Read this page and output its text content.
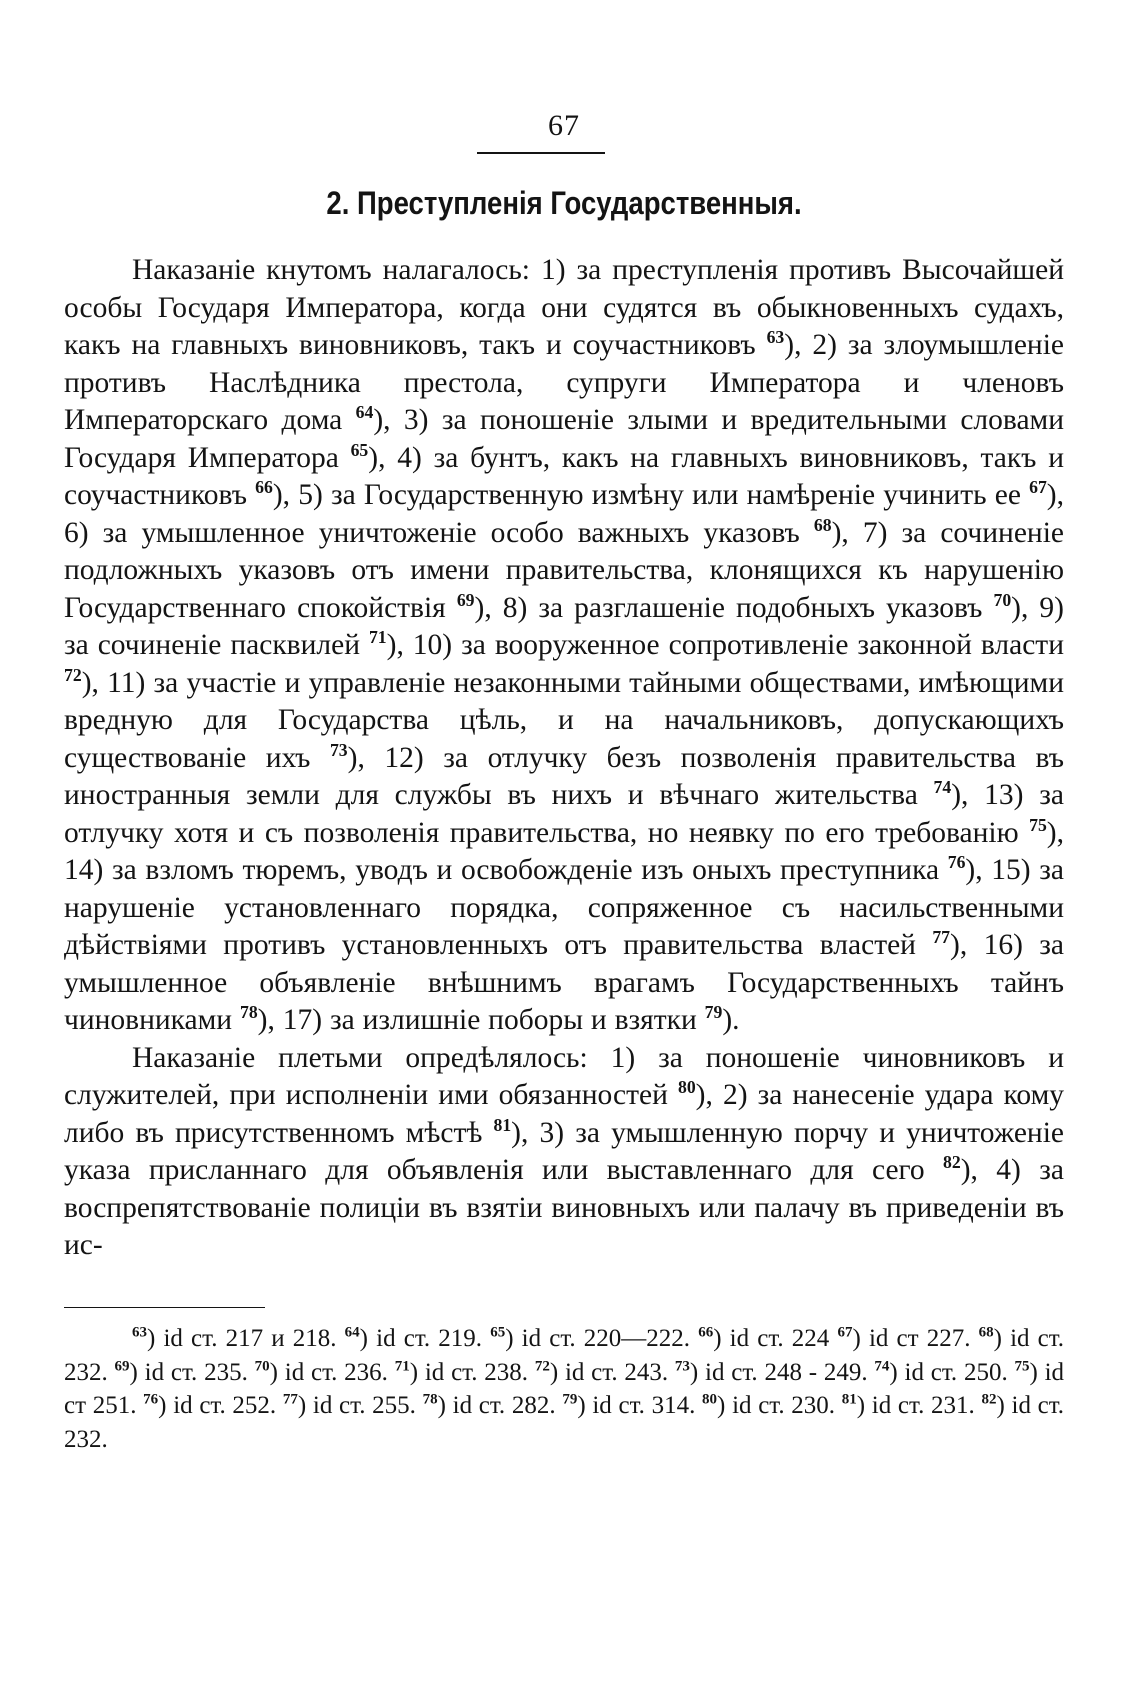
67
2. Преступленія Государственныя.

Наказаніе кнутомъ налагалось: 1) за преступленія противъ Высочайшей особы Государя Императора, когда они судятся въ обыкновенныхъ судахъ, какъ на главныхъ виновниковъ, такъ и соучастниковъ $^{63}$), 2) за злоумышленіе противъ Наслѣдника престола, супруги Императора и членовъ Императорскаго дома $^{64}$), 3) за поношеніе злыми и вредительными словами Государя Императора $^{65}$), 4) за бунтъ, какъ на главныхъ виновниковъ, такъ и соучастниковъ $^{66}$), 5) за Государственную измѣну или намѣреніе учинить ее $^{67}$), 6) за умышленное уничтоженіе особо важныхъ указовъ $^{68}$), 7) за сочиненіе подложныхъ указовъ отъ имени правительства, клонящихся къ нарушенію Государственнаго спокойствія $^{69}$), 8) за разглашеніе подобныхъ указовъ $^{70}$), 9) за сочиненіе пасквилей $^{71}$), 10) за вооруженное сопротивленіе законной власти $^{72}$), 11) за участіе и управленіе незаконными тайными обществами, имѣющими вредную для Государства цѣль, и на начальниковъ, допускающихъ существованіе ихъ $^{73}$), 12) за отлучку безъ позволенія правительства въ иностранныя земли для службы въ нихъ и вѣчнаго жительства $^{74}$), 13) за отлучку хотя и съ позволенія правительства, но неявку по его требованію $^{75}$), 14) за взломъ тюремъ, уводъ и освобожденіе изъ оныхъ преступника $^{76}$), 15) за нарушеніе установленнаго порядка, сопряженное съ насильственными дѣйствіями противъ установленныхъ отъ правительства властей $^{77}$), 16) за умышленное объявленіе внѣшнимъ врагамъ Государственныхъ тайнъ чиновниками $^{78}$), 17) за излишніе поборы и взятки $^{79}$).

Наказаніе плетьми опредѣлялось: 1) за поношеніе чиновниковъ и служителей, при исполненіи ими обязанностей $^{80}$), 2) за нанесеніе удара кому либо въ присутственномъ мѣстѣ $^{81}$), 3) за умышленную порчу и уничтоженіе указа присланнаго для объявленія или выставленнаго для сего $^{82}$), 4) за воспрепятствованіе полиціи въ взятіи виновныхъ или палачу въ приведеніи въ ис-

$^{63}$) id ст. 217 и 218. $^{64}$) id ст. 219. $^{65}$) id ст. 220—222. $^{66}$) id ст. 224 $^{67}$) id ст 227. $^{68}$) id ст. 232. $^{69}$) id ст. 235. $^{70}$) id ст. 236. $^{71}$) id ст. 238. $^{72}$) id ст. 243. $^{73}$) id ст. 248 - 249. $^{74}$) id ст. 250. $^{75}$) id ст 251. $^{76}$) id ст. 252. $^{77}$) id ст. 255. $^{78}$) id ст. 282. $^{79}$) id ст. 314. $^{80}$) id ст. 230. $^{81}$) id ст. 231. $^{82}$) id ст. 232.
